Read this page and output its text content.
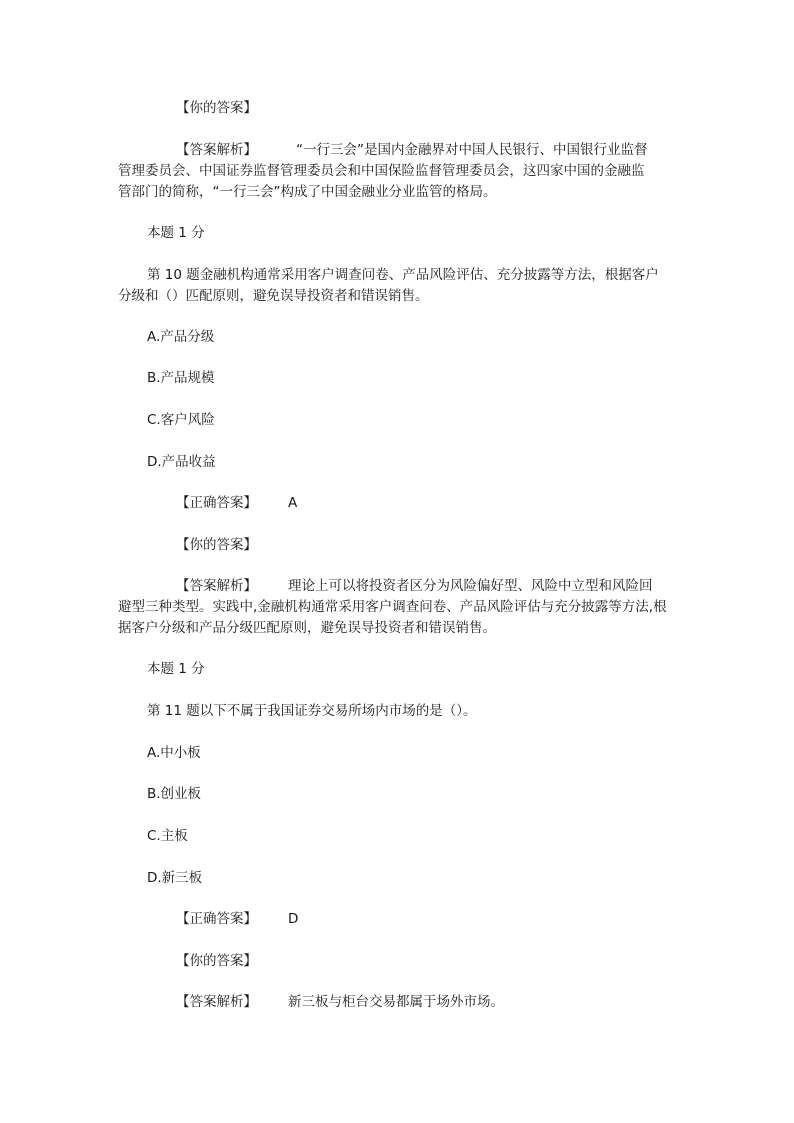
【你的答案】
【答案解析】	“一行三会”是国内金融界对中国人民银行、中国银行业监督
管理委员会、中国证券监督管理委员会和中国保险监督管理委员会，这四家中国的金融监
管部门的简称，“一行三会”构成了中国金融业分业监管的格局。
本题 1 分
第 10 题金融机构通常采用客户调查问卷、产品风险评估、充分披露等方法，根据客户
分级和（）匹配原则，避免误导投资者和错误销售。
A.产品分级
B.产品规模
C.客户风险
D.产品收益
【正确答案】 A
【你的答案】
【答案解析】 理论上可以将投资者区分为风险偏好型、风险中立型和风险回
避型三种类型。实践中,金融机构通常采用客户调查问卷、产品风险评估与充分披露等方法,根
据客户分级和产品分级匹配原则，避免误导投资者和错误销售。
本题 1 分
第 11 题以下不属于我国证券交易所场内市场的是（）。
A.中小板
B.创业板
C.主板
D.新三板
【正确答案】 D
【你的答案】
【答案解析】 新三板与柜台交易都属于场外市场。
